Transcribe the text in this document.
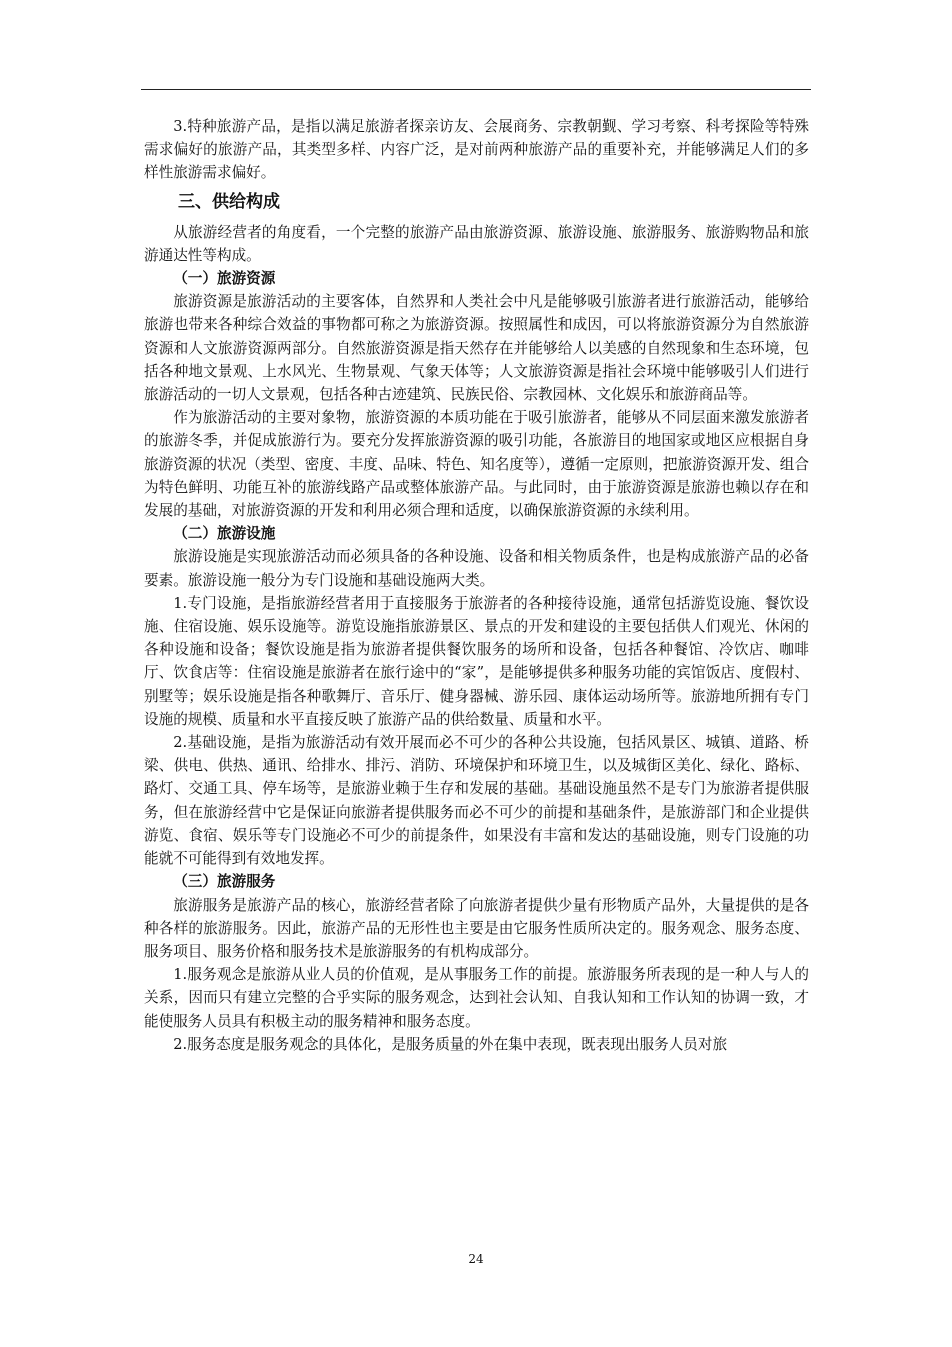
3.特种旅游产品，是指以满足旅游者探亲访友、会展商务、宗教朝觐、学习考察、科考探险等特殊需求偏好的旅游产品，其类型多样、内容广泛，是对前两种旅游产品的重要补充，并能够满足人们的多样性旅游需求偏好。

三、供给构成

从旅游经营者的角度看，一个完整的旅游产品由旅游资源、旅游设施、旅游服务、旅游购物品和旅游通达性等构成。

（一）旅游资源

旅游资源是旅游活动的主要客体，自然界和人类社会中凡是能够吸引旅游者进行旅游活动，能够给旅游也带来各种综合效益的事物都可称之为旅游资源。按照属性和成因，可以将旅游资源分为自然旅游资源和人文旅游资源两部分。自然旅游资源是指天然存在并能够给人以美感的自然现象和生态环境，包括各种地文景观、上水风光、生物景观、气象天体等；人文旅游资源是指社会环境中能够吸引人们进行旅游活动的一切人文景观，包括各种古迹建筑、民族民俗、宗教园林、文化娱乐和旅游商品等。

作为旅游活动的主要对象物，旅游资源的本质功能在于吸引旅游者，能够从不同层面来激发旅游者的旅游冬季，并促成旅游行为。要充分发挥旅游资源的吸引功能，各旅游目的地国家或地区应根据自身旅游资源的状况（类型、密度、丰度、品味、特色、知名度等），遵循一定原则，把旅游资源开发、组合为特色鲜明、功能互补的旅游线路产品或整体旅游产品。与此同时，由于旅游资源是旅游也赖以存在和发展的基础，对旅游资源的开发和利用必须合理和适度，以确保旅游资源的永续利用。

（二）旅游设施

旅游设施是实现旅游活动而必须具备的各种设施、设备和相关物质条件，也是构成旅游产品的必备要素。旅游设施一般分为专门设施和基础设施两大类。

1.专门设施，是指旅游经营者用于直接服务于旅游者的各种接待设施，通常包括游览设施、餐饮设施、住宿设施、娱乐设施等。游览设施指旅游景区、景点的开发和建设的主要包括供人们观光、休闲的各种设施和设备；餐饮设施是指为旅游者提供餐饮服务的场所和设备，包括各种餐馆、冷饮店、咖啡厅、饮食店等：住宿设施是旅游者在旅行途中的“家”，是能够提供多种服务功能的宾馆饭店、度假村、别墅等；娱乐设施是指各种歌舞厅、音乐厅、健身器械、游乐园、康体运动场所等。旅游地所拥有专门设施的规模、质量和水平直接反映了旅游产品的供给数量、质量和水平。

2.基础设施，是指为旅游活动有效开展而必不可少的各种公共设施，包括风景区、城镇、道路、桥梁、供电、供热、通讯、给排水、排污、消防、环境保护和环境卫生，以及城街区美化、绿化、路标、路灯、交通工具、停车场等，是旅游业赖于生存和发展的基础。基础设施虽然不是专门为旅游者提供服务，但在旅游经营中它是保证向旅游者提供服务而必不可少的前提和基础条件，是旅游部门和企业提供游览、食宿、娱乐等专门设施必不可少的前提条件，如果没有丰富和发达的基础设施，则专门设施的功能就不可能得到有效地发挥。

（三）旅游服务

旅游服务是旅游产品的核心，旅游经营者除了向旅游者提供少量有形物质产品外，大量提供的是各种各样的旅游服务。因此，旅游产品的无形性也主要是由它服务性质所决定的。服务观念、服务态度、服务项目、服务价格和服务技术是旅游服务的有机构成部分。

1.服务观念是旅游从业人员的价值观，是从事服务工作的前提。旅游服务所表现的是一种人与人的关系，因而只有建立完整的合乎实际的服务观念，达到社会认知、自我认知和工作认知的协调一致，才能使服务人员具有积极主动的服务精神和服务态度。

2.服务态度是服务观念的具体化，是服务质量的外在集中表现，既表现出服务人员对旅

24
